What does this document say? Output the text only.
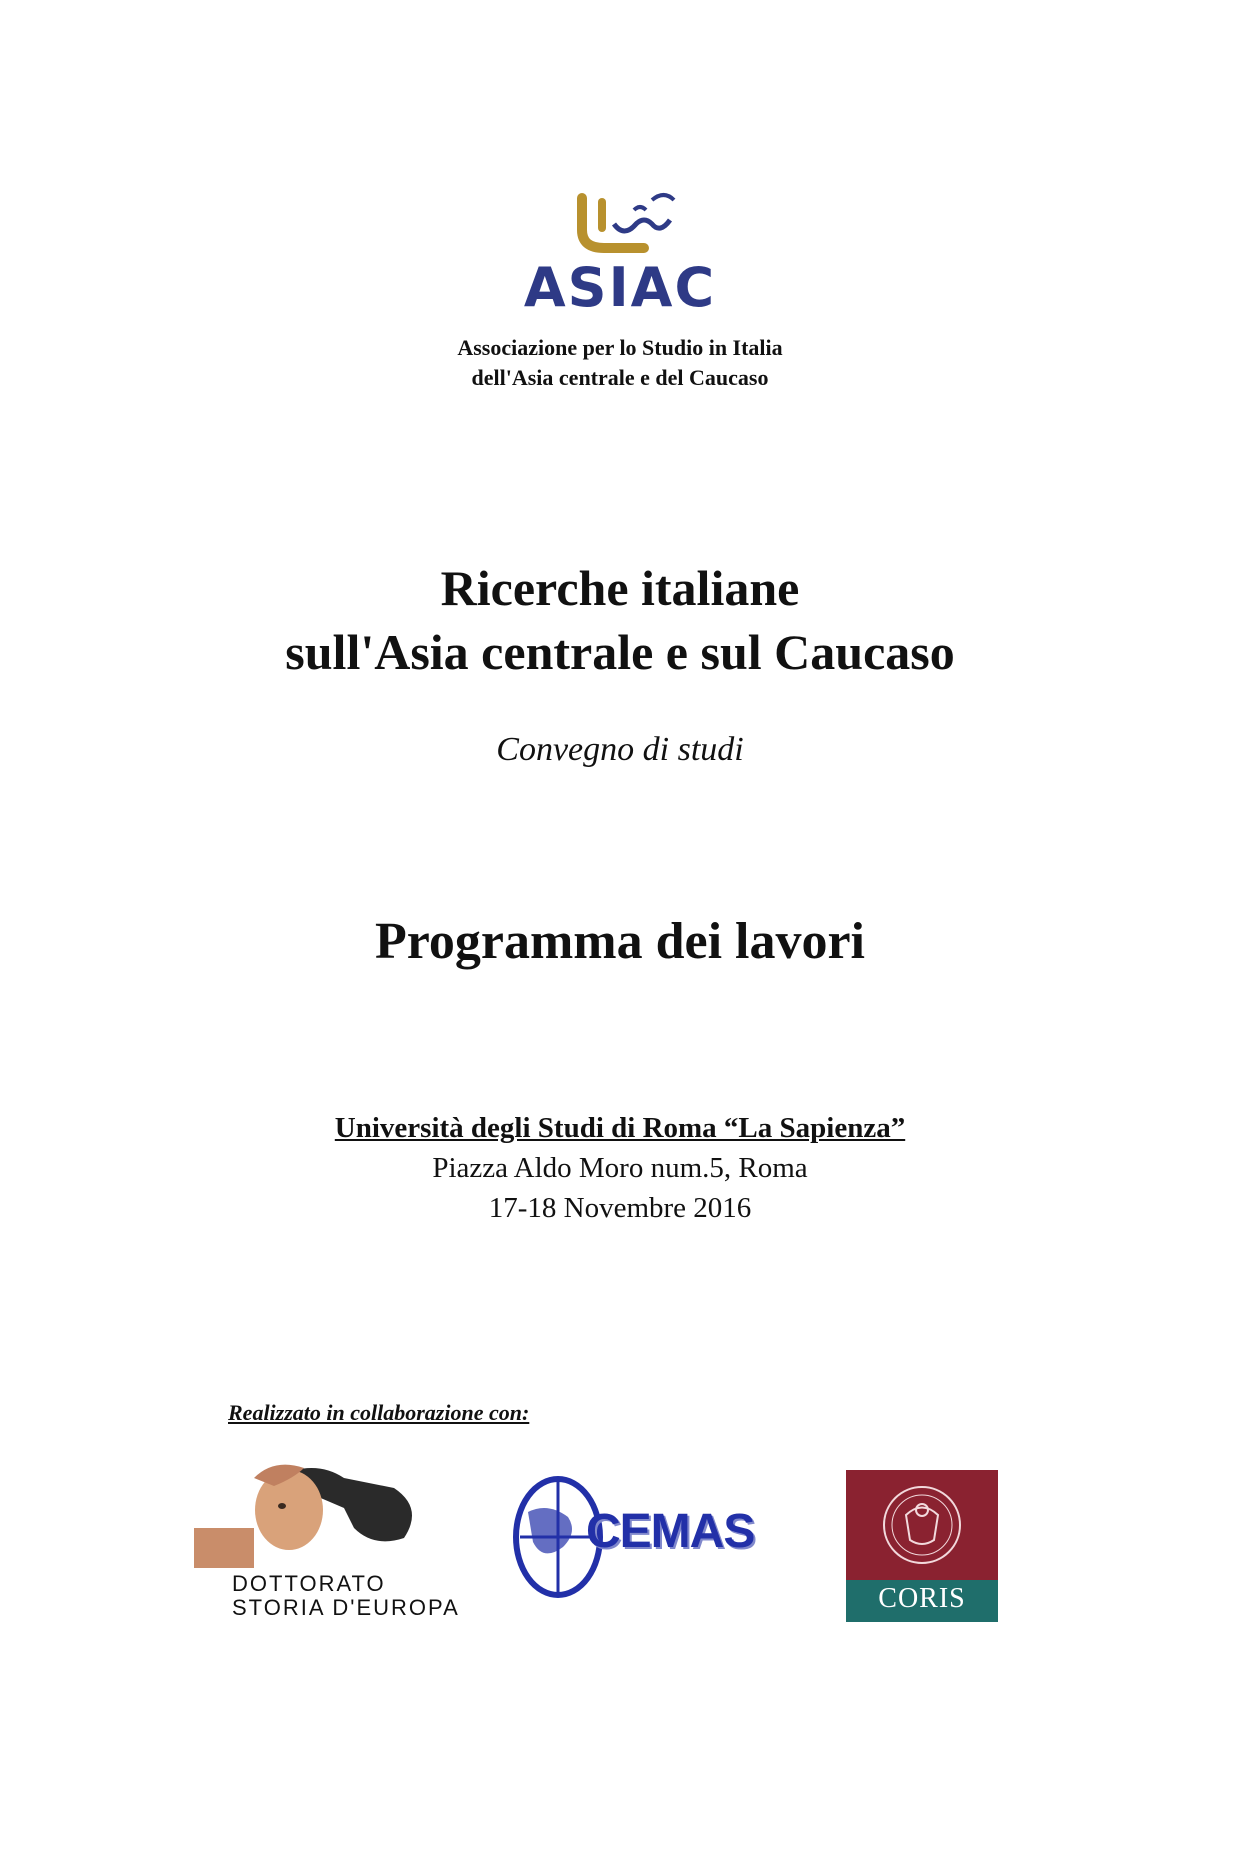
ASIAC
Associazione per lo Studio in Italia
dell'Asia centrale e del Caucaso
Ricerche italiane
sull'Asia centrale e sul Caucaso
Convegno di studi
Programma dei lavori
Università degli Studi di Roma “La Sapienza”
Piazza Aldo Moro num.5, Roma
17-18 Novembre 2016
Realizzato in collaborazione con:
DOTTORATO
STORIA D'EUROPA
CEMAS
CORIS
